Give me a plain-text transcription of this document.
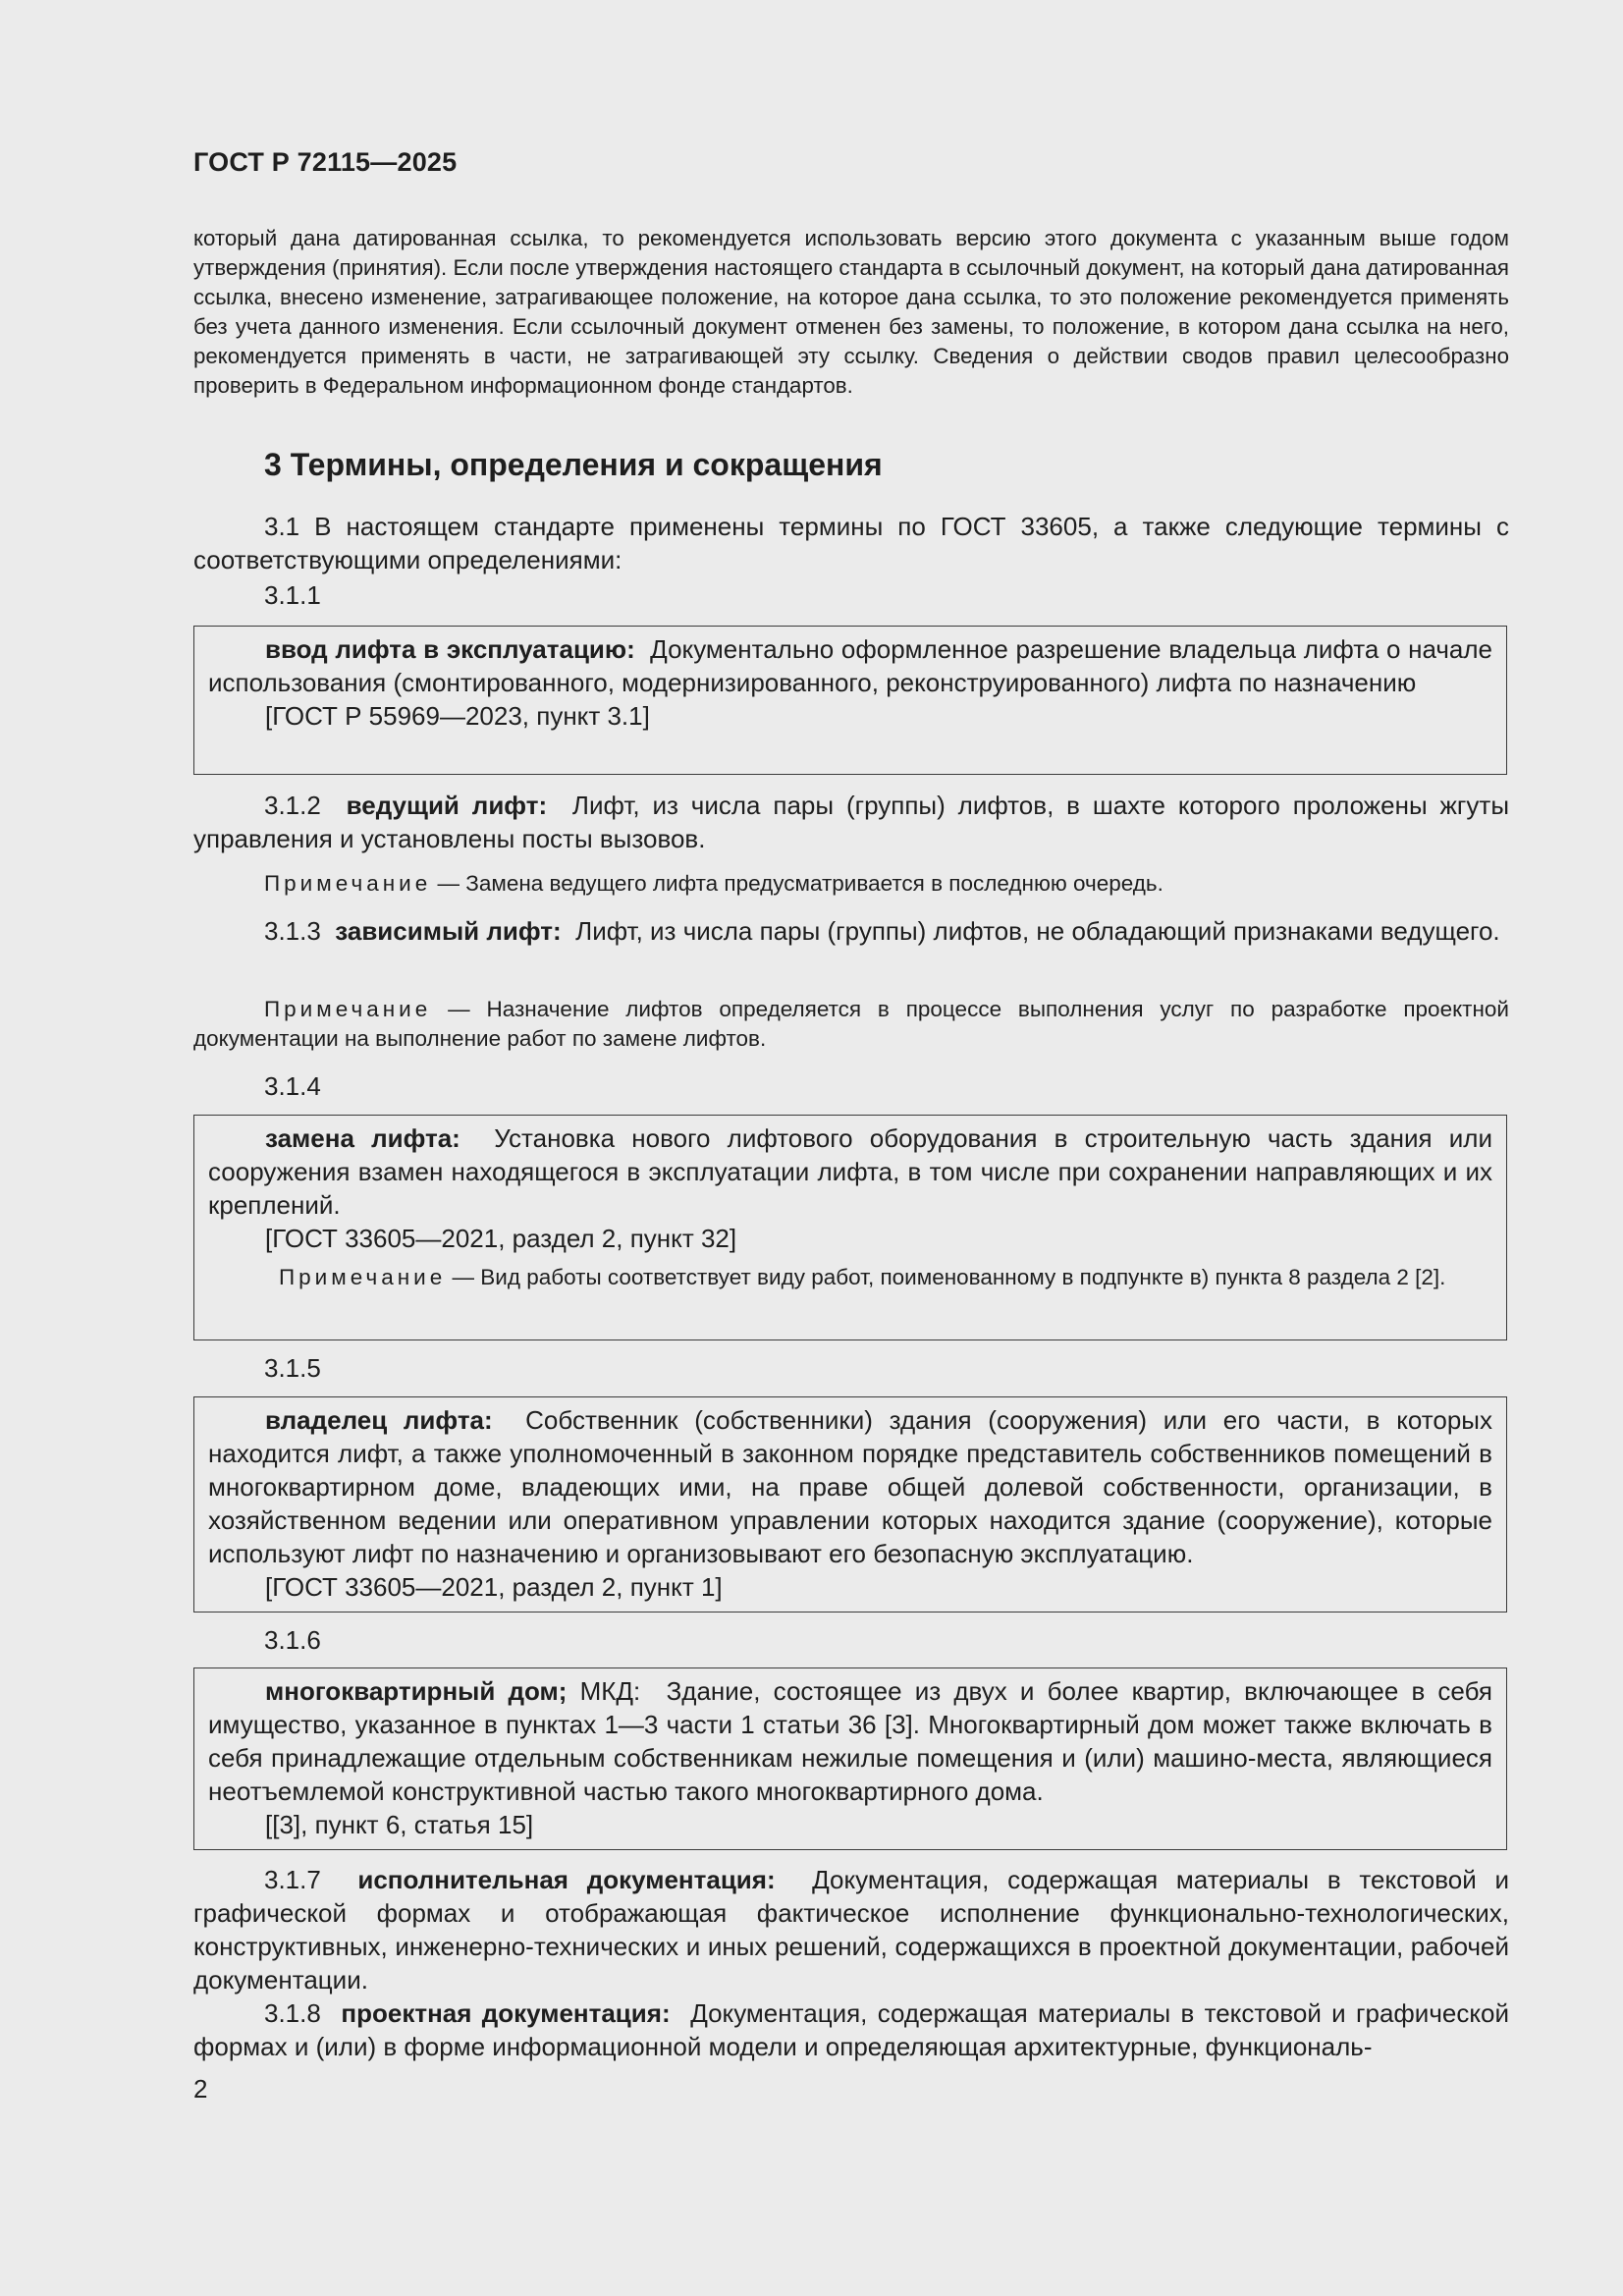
ГОСТ Р 72115—2025
который дана датированная ссылка, то рекомендуется использовать версию этого документа с указанным выше годом утверждения (принятия). Если после утверждения настоящего стандарта в ссылочный документ, на который дана датированная ссылка, внесено изменение, затрагивающее положение, на которое дана ссылка, то это положение рекомендуется применять без учета данного изменения. Если ссылочный документ отменен без замены, то положение, в котором дана ссылка на него, рекомендуется применять в части, не затрагивающей эту ссылку. Сведения о действии сводов правил целесообразно проверить в Федеральном информационном фонде стандартов.
3 Термины, определения и сокращения
3.1 В настоящем стандарте применены термины по ГОСТ 33605, а также следующие термины с соответствующими определениями:
3.1.1
ввод лифта в эксплуатацию: Документально оформленное разрешение владельца лифта о начале использования (смонтированного, модернизированного, реконструированного) лифта по назначению
[ГОСТ Р 55969—2023, пункт 3.1]
3.1.2 ведущий лифт: Лифт, из числа пары (группы) лифтов, в шахте которого проложены жгуты управления и установлены посты вызовов.
Примечание — Замена ведущего лифта предусматривается в последнюю очередь.
3.1.3 зависимый лифт: Лифт, из числа пары (группы) лифтов, не обладающий признаками ведущего.
Примечание — Назначение лифтов определяется в процессе выполнения услуг по разработке проектной документации на выполнение работ по замене лифтов.
3.1.4
замена лифта: Установка нового лифтового оборудования в строительную часть здания или сооружения взамен находящегося в эксплуатации лифта, в том числе при сохранении направляющих и их креплений.
[ГОСТ 33605—2021, раздел 2, пункт 32]
Примечание — Вид работы соответствует виду работ, поименованному в подпункте в) пункта 8 раздела 2 [2].
3.1.5
владелец лифта: Собственник (собственники) здания (сооружения) или его части, в которых находится лифт, а также уполномоченный в законном порядке представитель собственников помещений в многоквартирном доме, владеющих ими, на праве общей долевой собственности, организации, в хозяйственном ведении или оперативном управлении которых находится здание (сооружение), которые используют лифт по назначению и организовывают его безопасную эксплуатацию.
[ГОСТ 33605—2021, раздел 2, пункт 1]
3.1.6
многоквартирный дом; МКД: Здание, состоящее из двух и более квартир, включающее в себя имущество, указанное в пунктах 1—3 части 1 статьи 36 [3]. Многоквартирный дом может также включать в себя принадлежащие отдельным собственникам нежилые помещения и (или) машино-места, являющиеся неотъемлемой конструктивной частью такого многоквартирного дома.
[[3], пункт 6, статья 15]
3.1.7 исполнительная документация: Документация, содержащая материалы в текстовой и графической формах и отображающая фактическое исполнение функционально-технологических, конструктивных, инженерно-технических и иных решений, содержащихся в проектной документации, рабочей документации.
3.1.8 проектная документация: Документация, содержащая материалы в текстовой и графической формах и (или) в форме информационной модели и определяющая архитектурные, функциональ-
2
